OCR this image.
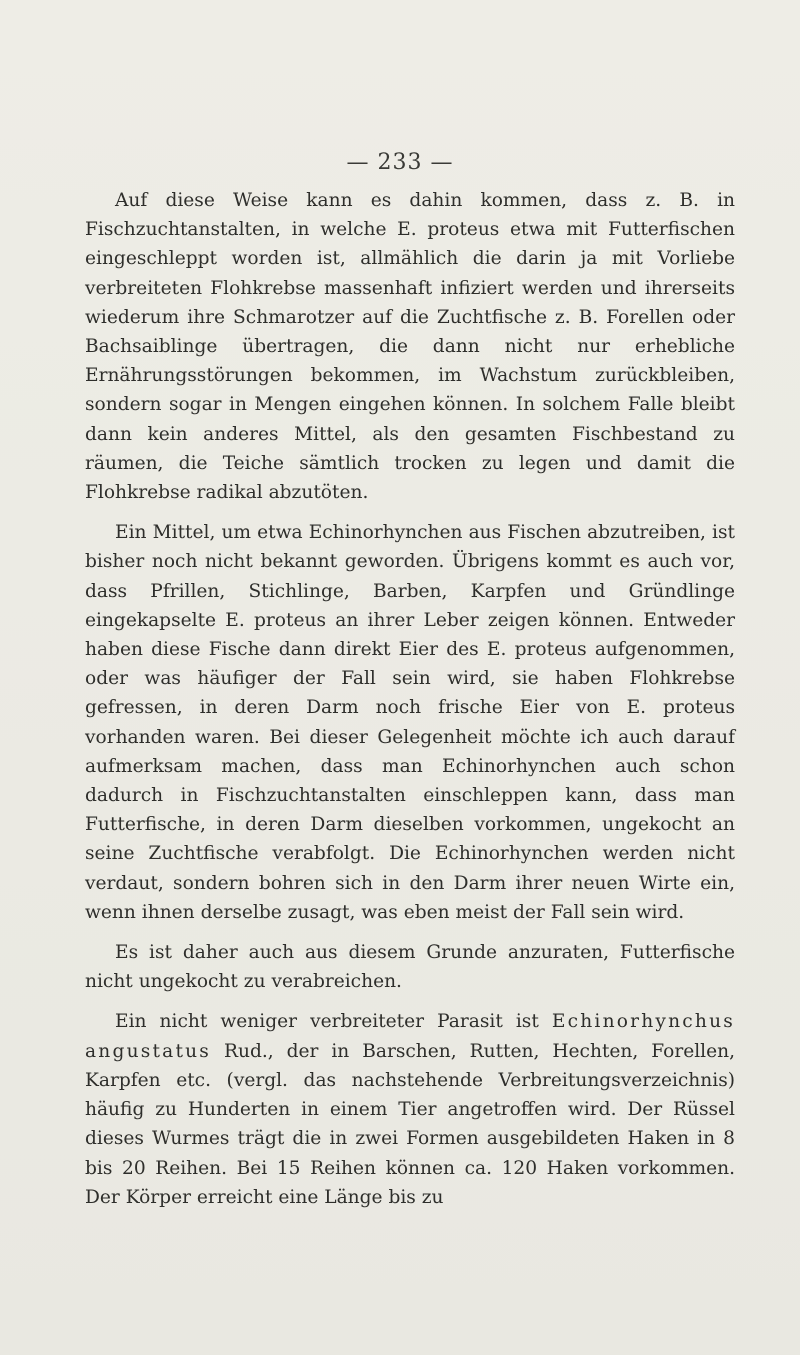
— 233 —

Auf diese Weise kann es dahin kommen, dass z. B. in Fischzuchtanstalten, in welche E. proteus etwa mit Futterfischen eingeschleppt worden ist, allmählich die darin ja mit Vorliebe verbreiteten Flohkrebse massenhaft infiziert werden und ihrerseits wiederum ihre Schmarotzer auf die Zuchtfische z. B. Forellen oder Bachsaiblinge übertragen, die dann nicht nur erhebliche Ernährungsstörungen bekommen, im Wachstum zurückbleiben, sondern sogar in Mengen eingehen können. In solchem Falle bleibt dann kein anderes Mittel, als den gesamten Fischbestand zu räumen, die Teiche sämtlich trocken zu legen und damit die Flohkrebse radikal abzutöten.

Ein Mittel, um etwa Echinorhynchen aus Fischen abzutreiben, ist bisher noch nicht bekannt geworden. Übrigens kommt es auch vor, dass Pfrillen, Stichlinge, Barben, Karpfen und Gründlinge eingekapselte E. proteus an ihrer Leber zeigen können. Entweder haben diese Fische dann direkt Eier des E. proteus aufgenommen, oder was häufiger der Fall sein wird, sie haben Flohkrebse gefressen, in deren Darm noch frische Eier von E. proteus vorhanden waren. Bei dieser Gelegenheit möchte ich auch darauf aufmerksam machen, dass man Echinorhynchen auch schon dadurch in Fischzuchtanstalten einschleppen kann, dass man Futterfische, in deren Darm dieselben vorkommen, ungekocht an seine Zuchtfische verabfolgt. Die Echinorhynchen werden nicht verdaut, sondern bohren sich in den Darm ihrer neuen Wirte ein, wenn ihnen derselbe zusagt, was eben meist der Fall sein wird.

Es ist daher auch aus diesem Grunde anzuraten, Futterfische nicht ungekocht zu verabreichen.

Ein nicht weniger verbreiteter Parasit ist Echinorhynchus angustatus Rud., der in Barschen, Rutten, Hechten, Forellen, Karpfen etc. (vergl. das nachstehende Verbreitungsverzeichnis) häufig zu Hunderten in einem Tier angetroffen wird. Der Rüssel dieses Wurmes trägt die in zwei Formen ausgebildeten Haken in 8 bis 20 Reihen. Bei 15 Reihen können ca. 120 Haken vorkommen. Der Körper erreicht eine Länge bis zu
